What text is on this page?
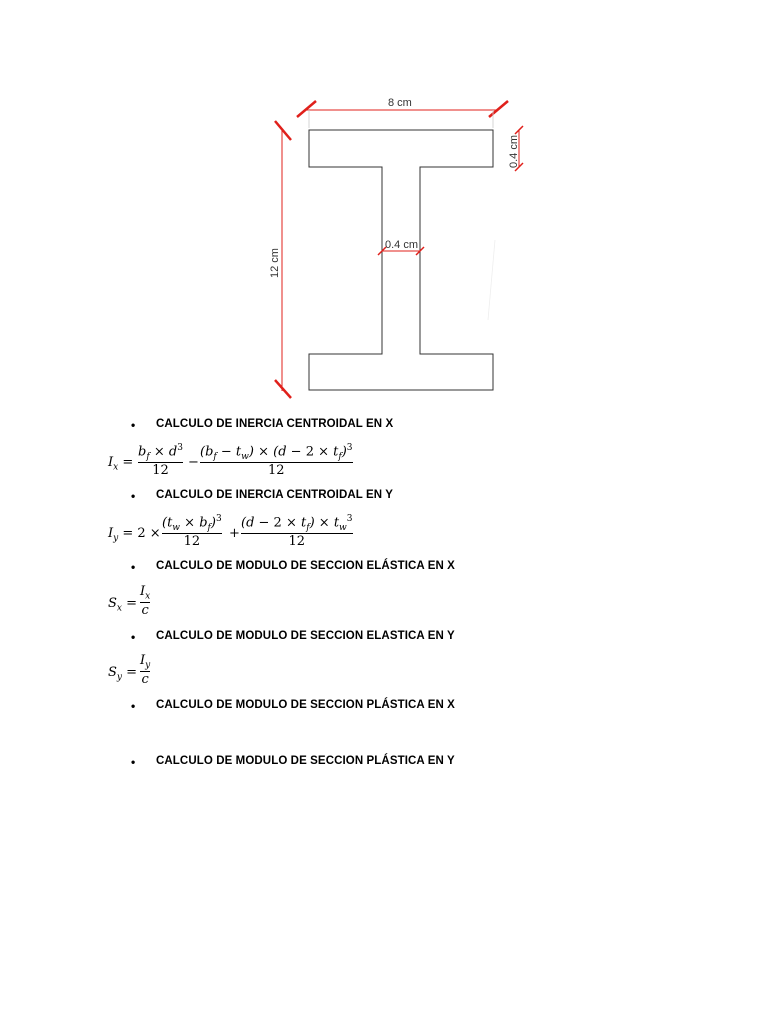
8 cm
12 cm
0.4 cm
0.4 cm
• CALCULO DE INERCIA CENTROIDAL EN X
$I_x = \frac{b_f \times d^3}{12} - \frac{(b_f - t_w) \times (d - 2 \times t_f)^3}{12}$
• CALCULO DE INERCIA CENTROIDAL EN Y
$I_y = 2 \times \frac{(t_w \times b_f)^3}{12} + \frac{(d - 2 \times t_f) \times t_w^3}{12}$
• CALCULO DE MODULO DE SECCION ELÁSTICA EN X
$S_x = \frac{I_x}{c}$
• CALCULO DE MODULO DE SECCION ELASTICA EN Y
$S_y = \frac{I_y}{c}$
• CALCULO DE MODULO DE SECCION PLÁSTICA EN X
• CALCULO DE MODULO DE SECCION PLÁSTICA EN Y
